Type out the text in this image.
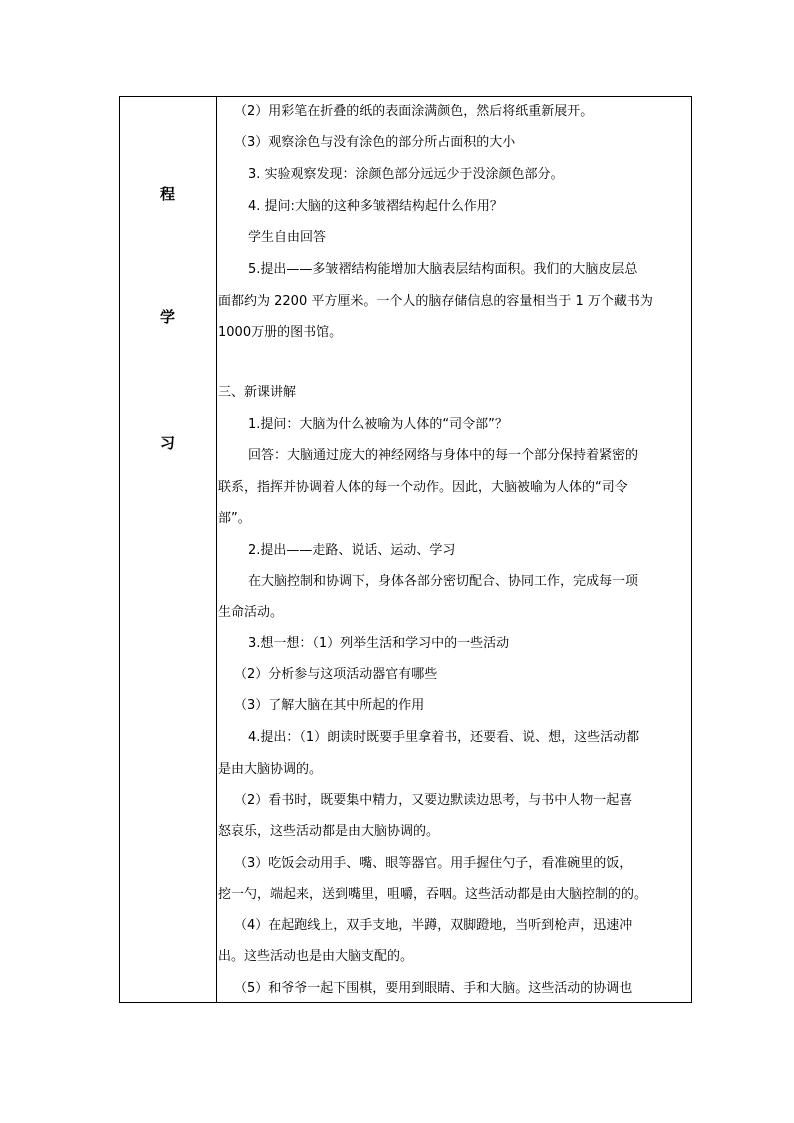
程
学
习
（2）用彩笔在折叠的纸的表面涂满颜色，然后将纸重新展开。
（3）观察涂色与没有涂色的部分所占面积的大小
3. 实验观察发现：涂颜色部分远远少于没涂颜色部分。
4. 提问:大脑的这种多皱褶结构起什么作用？
学生自由回答
5.提出——多皱褶结构能增加大脑表层结构面积。我们的大脑皮层总
面都约为 2200 平方厘米。一个人的脑存储信息的容量相当于 1 万个藏书为
1000万册的图书馆。
三、新课讲解
1.提问：大脑为什么被喻为人体的“司令部”？
回答：大脑通过庞大的神经网络与身体中的每一个部分保持着紧密的
联系，指挥并协调着人体的每一个动作。因此，大脑被喻为人体的“司令
部”。
2.提出——走路、说话、运动、学习
在大脑控制和协调下，身体各部分密切配合、协同工作，完成每一项
生命活动。
3.想一想：（1）列举生活和学习中的一些活动
（2）分析参与这项活动器官有哪些
（3）了解大脑在其中所起的作用
4.提出：（1）朗读时既要手里拿着书，还要看、说、想，这些活动都
是由大脑协调的。
（2）看书时，既要集中精力，又要边默读边思考，与书中人物一起喜
怒哀乐，这些活动都是由大脑协调的。
（3）吃饭会动用手、嘴、眼等器官。用手握住勺子，看准碗里的饭，
挖一勺，端起来，送到嘴里，咀嚼，吞咽。这些活动都是由大脑控制的的。
（4）在起跑线上，双手支地，半蹲，双脚蹬地，当听到枪声，迅速冲
出。这些活动也是由大脑支配的。
（5）和爷爷一起下围棋，要用到眼睛、手和大脑。这些活动的协调也
